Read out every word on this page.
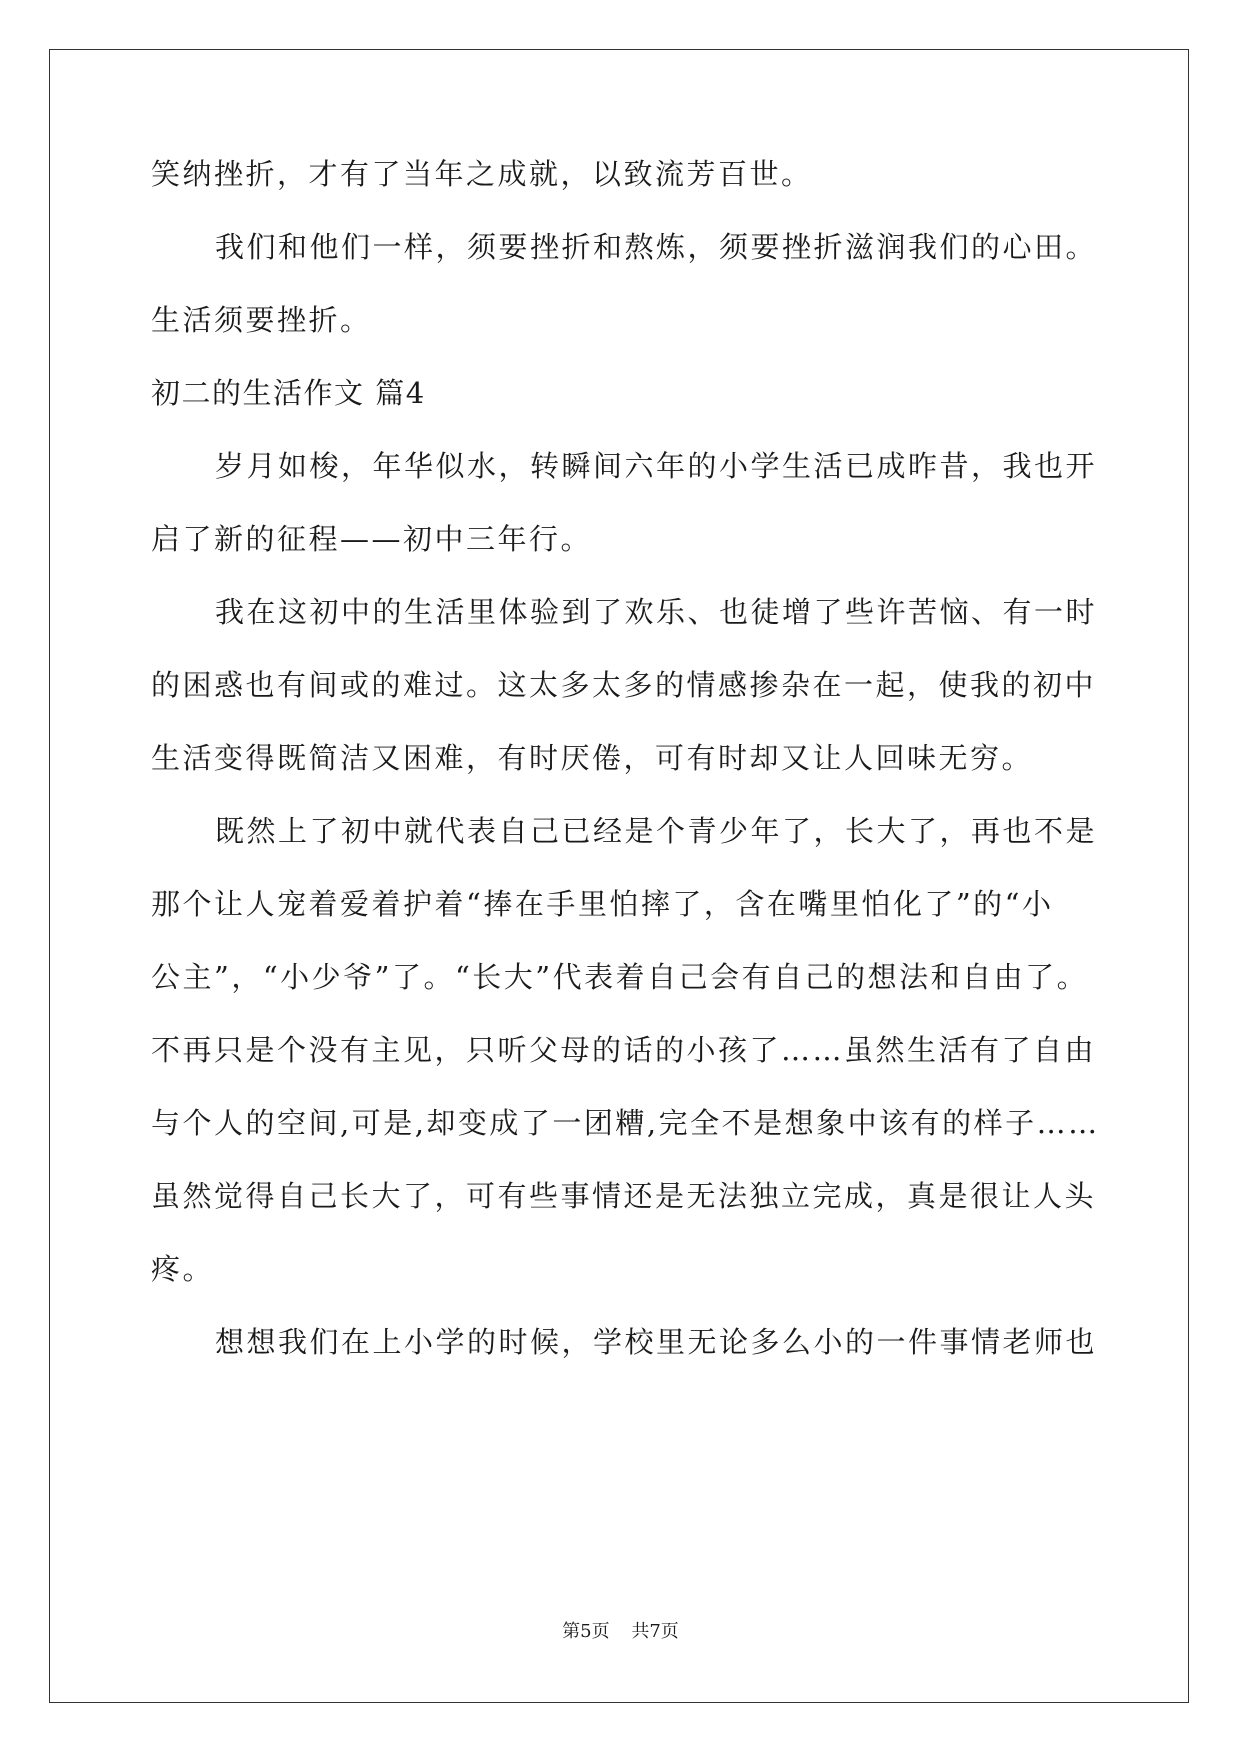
笑纳挫折，才有了当年之成就，以致流芳百世。
我们和他们一样，须要挫折和熬炼，须要挫折滋润我们的心田。
生活须要挫折。
初二的生活作文 篇4
岁月如梭，年华似水，转瞬间六年的小学生活已成昨昔，我也开
启了新的征程——初中三年行。
我在这初中的生活里体验到了欢乐、也徒增了些许苦恼、有一时
的困惑也有间或的难过。这太多太多的情感掺杂在一起，使我的初中
生活变得既简洁又困难，有时厌倦，可有时却又让人回味无穷。
既然上了初中就代表自己已经是个青少年了，长大了，再也不是
那个让人宠着爱着护着“捧在手里怕摔了，含在嘴里怕化了”的“小
公主”，“小少爷”了。“长大”代表着自己会有自己的想法和自由了。
不再只是个没有主见，只听父母的话的小孩了……虽然生活有了自由
与个人的空间,可是,却变成了一团糟,完全不是想象中该有的样子……
虽然觉得自己长大了，可有些事情还是无法独立完成，真是很让人头
疼。
想想我们在上小学的时候，学校里无论多么小的一件事情老师也
第5页 共7页
